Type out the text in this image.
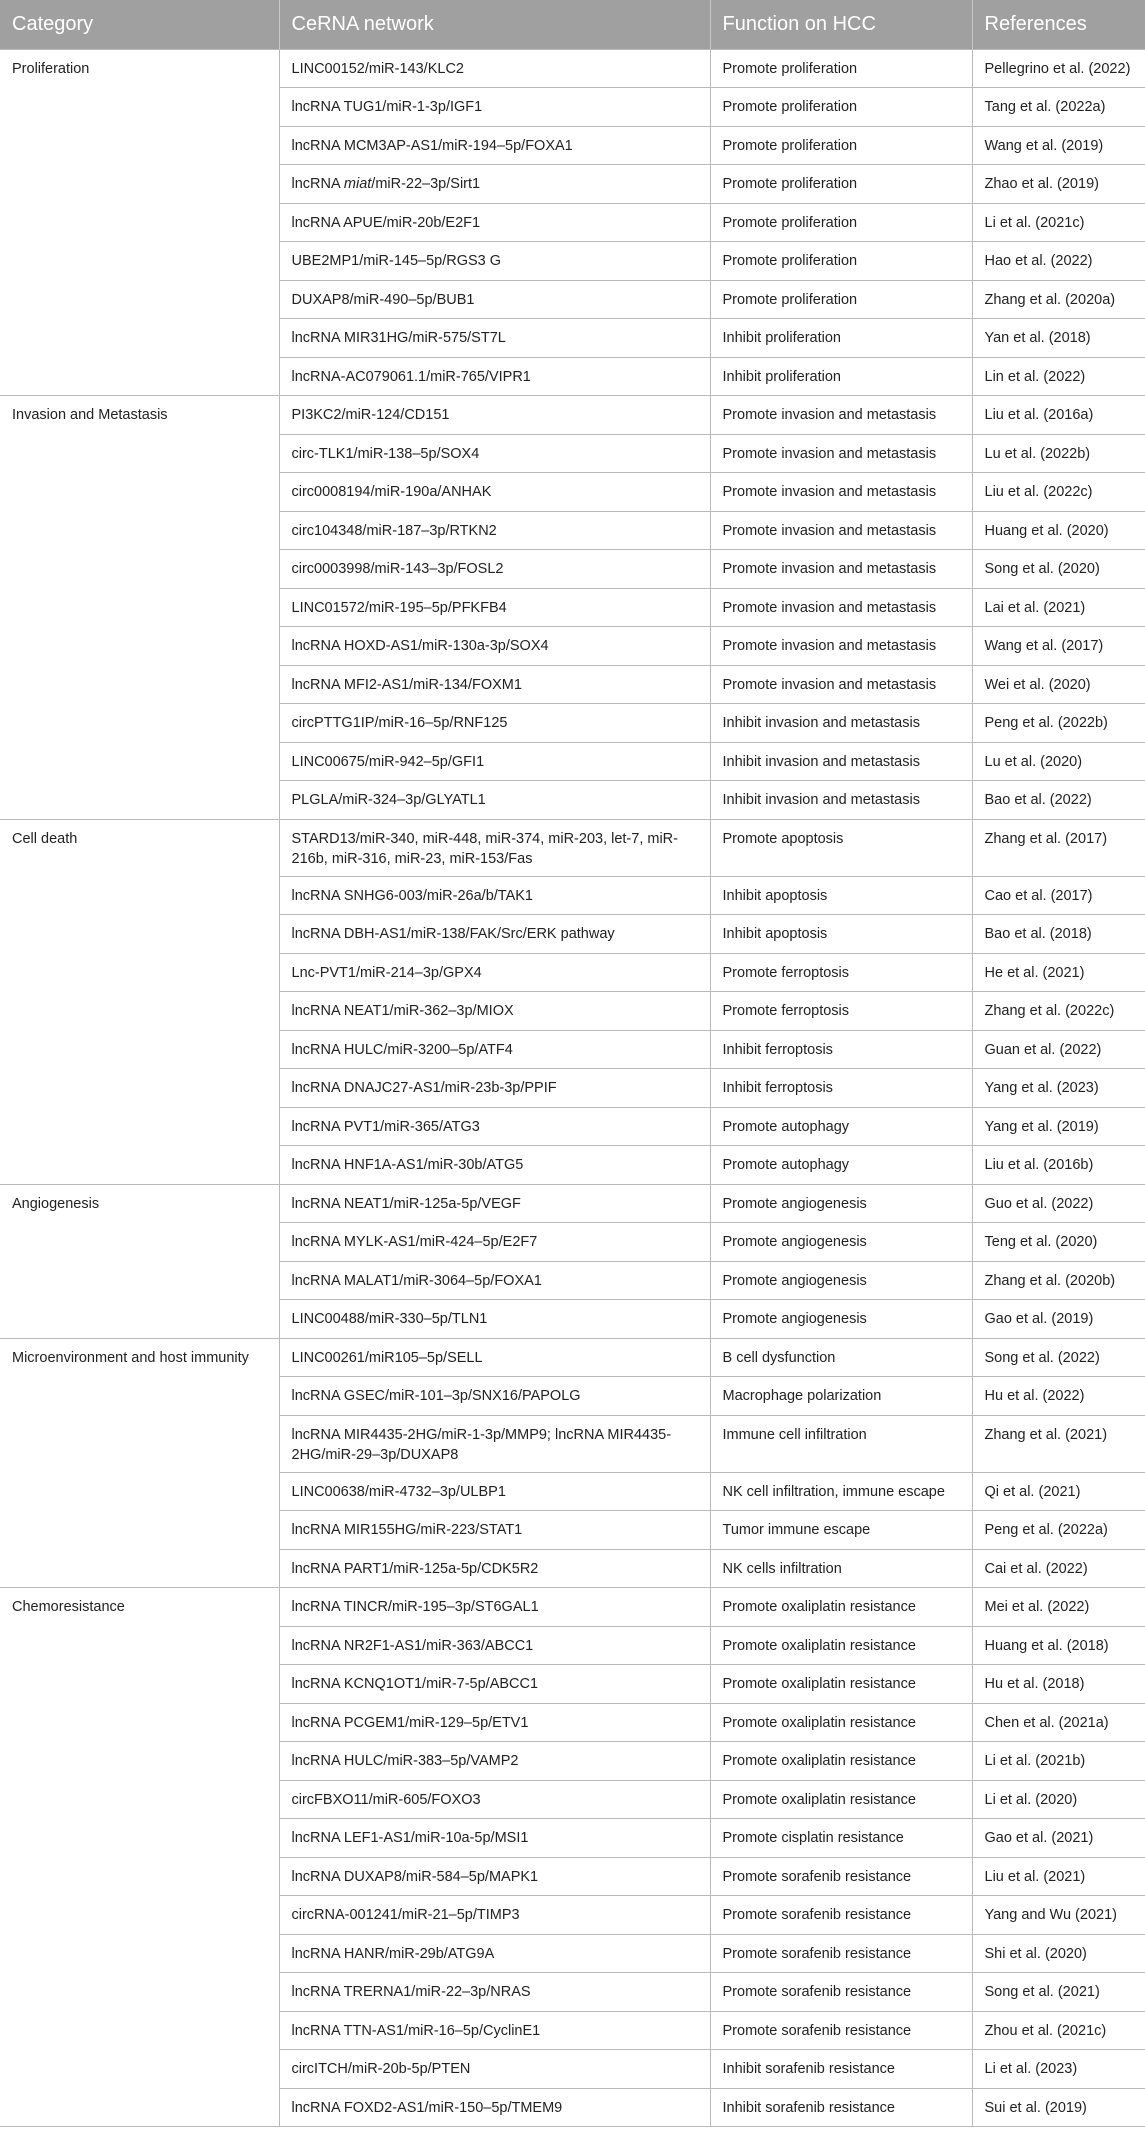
Category	CeRNA network	Function on HCC	References
Proliferation	LINC00152/miR-143/KLC2	Promote proliferation	Pellegrino et al. (2022)
	lncRNA TUG1/miR-1-3p/IGF1	Promote proliferation	Tang et al. (2022a)
	lncRNA MCM3AP-AS1/miR-194–5p/FOXA1	Promote proliferation	Wang et al. (2019)
	lncRNA miat/miR-22–3p/Sirt1	Promote proliferation	Zhao et al. (2019)
	lncRNA APUE/miR-20b/E2F1	Promote proliferation	Li et al. (2021c)
	UBE2MP1/miR-145–5p/RGS3 G	Promote proliferation	Hao et al. (2022)
	DUXAP8/miR-490–5p/BUB1	Promote proliferation	Zhang et al. (2020a)
	lncRNA MIR31HG/miR-575/ST7L	Inhibit proliferation	Yan et al. (2018)
	lncRNA-AC079061.1/miR-765/VIPR1	Inhibit proliferation	Lin et al. (2022)
Invasion and Metastasis	PI3KC2/miR-124/CD151	Promote invasion and metastasis	Liu et al. (2016a)
	circ-TLK1/miR-138–5p/SOX4	Promote invasion and metastasis	Lu et al. (2022b)
	circ0008194/miR-190a/ANHAK	Promote invasion and metastasis	Liu et al. (2022c)
	circ104348/miR-187–3p/RTKN2	Promote invasion and metastasis	Huang et al. (2020)
	circ0003998/miR-143–3p/FOSL2	Promote invasion and metastasis	Song et al. (2020)
	LINC01572/miR-195–5p/PFKFB4	Promote invasion and metastasis	Lai et al. (2021)
	lncRNA HOXD-AS1/miR-130a-3p/SOX4	Promote invasion and metastasis	Wang et al. (2017)
	lncRNA MFI2-AS1/miR-134/FOXM1	Promote invasion and metastasis	Wei et al. (2020)
	circPTTG1IP/miR-16–5p/RNF125	Inhibit invasion and metastasis	Peng et al. (2022b)
	LINC00675/miR-942–5p/GFI1	Inhibit invasion and metastasis	Lu et al. (2020)
	PLGLA/miR-324–3p/GLYATL1	Inhibit invasion and metastasis	Bao et al. (2022)
Cell death	STARD13/miR-340, miR-448, miR-374, miR-203, let-7, miR-216b, miR-316, miR-23, miR-153/Fas	Promote apoptosis	Zhang et al. (2017)
	lncRNA SNHG6-003/miR-26a/b/TAK1	Inhibit apoptosis	Cao et al. (2017)
	lncRNA DBH-AS1/miR-138/FAK/Src/ERK pathway	Inhibit apoptosis	Bao et al. (2018)
	Lnc-PVT1/miR-214–3p/GPX4	Promote ferroptosis	He et al. (2021)
	lncRNA NEAT1/miR-362–3p/MIOX	Promote ferroptosis	Zhang et al. (2022c)
	lncRNA HULC/miR-3200–5p/ATF4	Inhibit ferroptosis	Guan et al. (2022)
	lncRNA DNAJC27-AS1/miR-23b-3p/PPIF	Inhibit ferroptosis	Yang et al. (2023)
	lncRNA PVT1/miR-365/ATG3	Promote autophagy	Yang et al. (2019)
	lncRNA HNF1A-AS1/miR-30b/ATG5	Promote autophagy	Liu et al. (2016b)
Angiogenesis	lncRNA NEAT1/miR-125a-5p/VEGF	Promote angiogenesis	Guo et al. (2022)
	lncRNA MYLK-AS1/miR-424–5p/E2F7	Promote angiogenesis	Teng et al. (2020)
	lncRNA MALAT1/miR-3064–5p/FOXA1	Promote angiogenesis	Zhang et al. (2020b)
	LINC00488/miR-330–5p/TLN1	Promote angiogenesis	Gao et al. (2019)
Microenvironment and host immunity	LINC00261/miR105–5p/SELL	B cell dysfunction	Song et al. (2022)
	lncRNA GSEC/miR-101–3p/SNX16/PAPOLG	Macrophage polarization	Hu et al. (2022)
	lncRNA MIR4435-2HG/miR-1-3p/MMP9; lncRNA MIR4435-2HG/miR-29–3p/DUXAP8	Immune cell infiltration	Zhang et al. (2021)
	LINC00638/miR-4732–3p/ULBP1	NK cell infiltration, immune escape	Qi et al. (2021)
	lncRNA MIR155HG/miR-223/STAT1	Tumor immune escape	Peng et al. (2022a)
	lncRNA PART1/miR-125a-5p/CDK5R2	NK cells infiltration	Cai et al. (2022)
Chemoresistance	lncRNA TINCR/miR-195–3p/ST6GAL1	Promote oxaliplatin resistance	Mei et al. (2022)
	lncRNA NR2F1-AS1/miR-363/ABCC1	Promote oxaliplatin resistance	Huang et al. (2018)
	lncRNA KCNQ1OT1/miR-7-5p/ABCC1	Promote oxaliplatin resistance	Hu et al. (2018)
	lncRNA PCGEM1/miR-129–5p/ETV1	Promote oxaliplatin resistance	Chen et al. (2021a)
	lncRNA HULC/miR-383–5p/VAMP2	Promote oxaliplatin resistance	Li et al. (2021b)
	circFBXO11/miR-605/FOXO3	Promote oxaliplatin resistance	Li et al. (2020)
	lncRNA LEF1-AS1/miR-10a-5p/MSI1	Promote cisplatin resistance	Gao et al. (2021)
	lncRNA DUXAP8/miR-584–5p/MAPK1	Promote sorafenib resistance	Liu et al. (2021)
	circRNA-001241/miR-21–5p/TIMP3	Promote sorafenib resistance	Yang and Wu (2021)
	lncRNA HANR/miR-29b/ATG9A	Promote sorafenib resistance	Shi et al. (2020)
	lncRNA TRERNA1/miR-22–3p/NRAS	Promote sorafenib resistance	Song et al. (2021)
	lncRNA TTN-AS1/miR-16–5p/CyclinE1	Promote sorafenib resistance	Zhou et al. (2021c)
	circITCH/miR-20b-5p/PTEN	Inhibit sorafenib resistance	Li et al. (2023)
	lncRNA FOXD2-AS1/miR-150–5p/TMEM9	Inhibit sorafenib resistance	Sui et al. (2019)
